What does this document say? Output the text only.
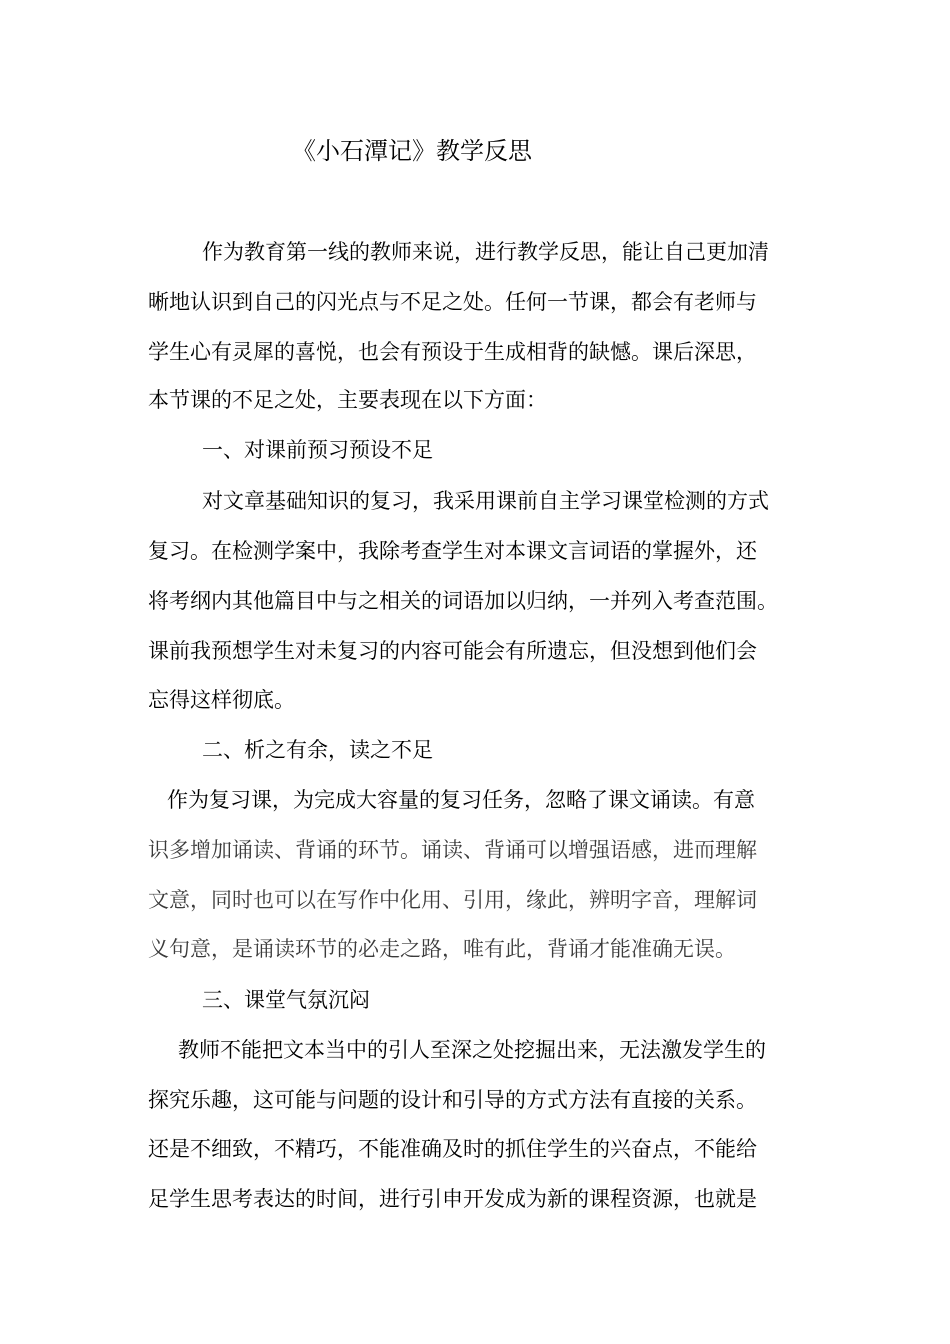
《小石潭记》教学反思
作为教育第一线的教师来说，进行教学反思，能让自己更加清
晰地认识到自己的闪光点与不足之处。任何一节课，都会有老师与
学生心有灵犀的喜悦，也会有预设于生成相背的缺憾。课后深思，
本节课的不足之处，主要表现在以下方面：
一、对课前预习预设不足
对文章基础知识的复习，我采用课前自主学习课堂检测的方式
复习。在检测学案中，我除考查学生对本课文言词语的掌握外，还
将考纲内其他篇目中与之相关的词语加以归纳，一并列入考查范围。
课前我预想学生对未复习的内容可能会有所遗忘，但没想到他们会
忘得这样彻底。
二、析之有余，读之不足
作为复习课，为完成大容量的复习任务，忽略了课文诵读。有意
识多增加诵读、背诵的环节。诵读、背诵可以增强语感，进而理解
文意，同时也可以在写作中化用、引用，缘此，辨明字音，理解词
义句意，是诵读环节的必走之路，唯有此，背诵才能准确无误。
三、课堂气氛沉闷
教师不能把文本当中的引人至深之处挖掘出来，无法激发学生的
探究乐趣，这可能与问题的设计和引导的方式方法有直接的关系。
还是不细致，不精巧，不能准确及时的抓住学生的兴奋点，不能给
足学生思考表达的时间，进行引申开发成为新的课程资源，也就是
